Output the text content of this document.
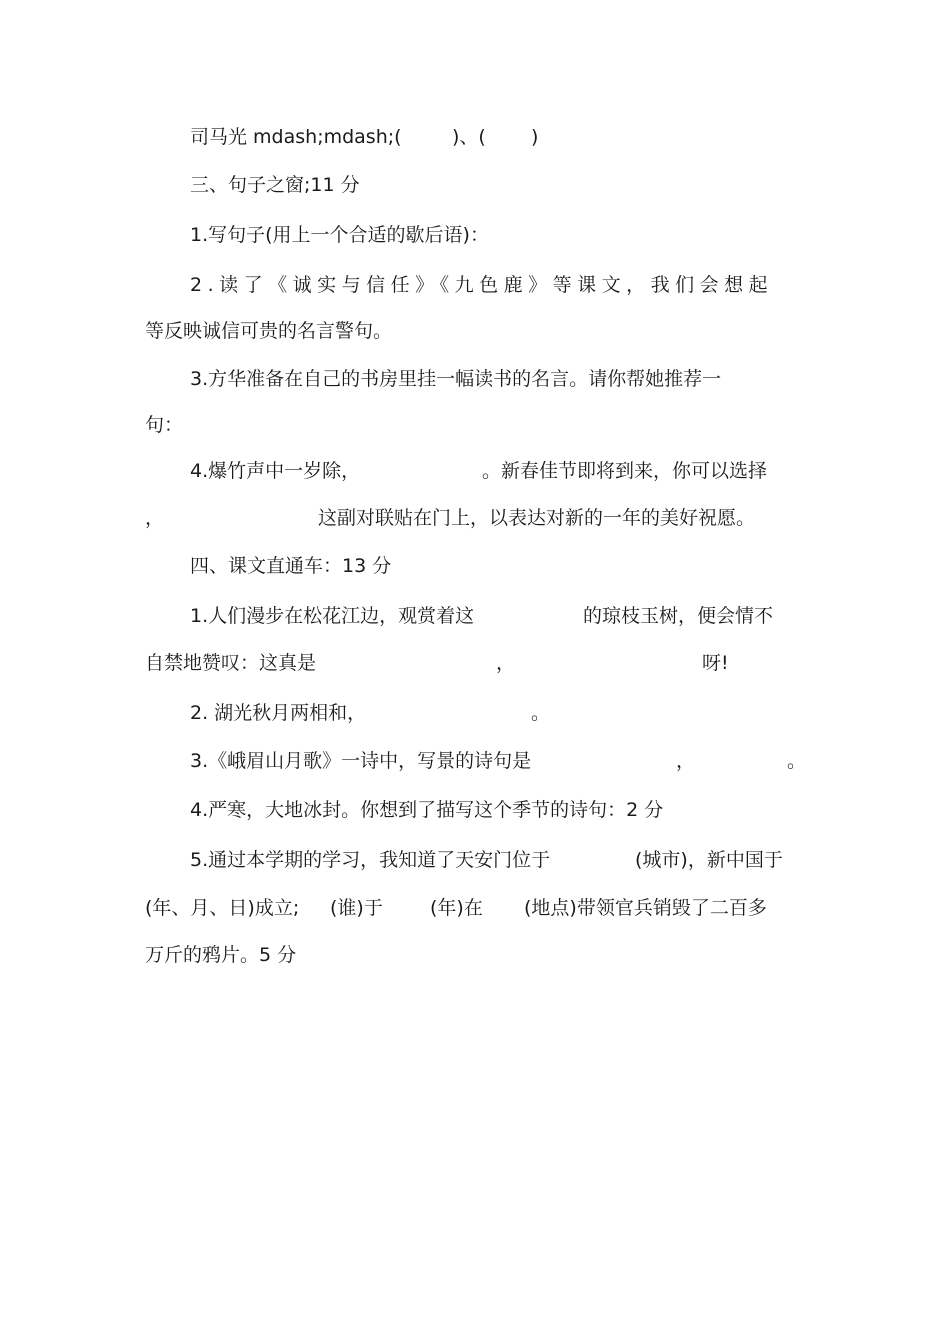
司马光 mdash;mdash;(	)、( )
三、句子之窗;11 分
1.写句子(用上一个合适的歇后语)：
2.读了《诚实与信任》《九色鹿》等课文，我们会想起
等反映诚信可贵的名言警句。
3.方华准备在自己的书房里挂一幅读书的名言。请你帮她推荐一
句：
4.爆竹声中一岁除，	。新春佳节即将到来，你可以选择
，	这副对联贴在门上，以表达对新的一年的美好祝愿。
四、课文直通车：13 分
1.人们漫步在松花江边，观赏着这	的琼枝玉树，便会情不
自禁地赞叹：这真是	，	呀!
2. 湖光秋月两相和，	。
3.《峨眉山月歌》一诗中，写景的诗句是	，	。
4.严寒，大地冰封。你想到了描写这个季节的诗句：2 分
5.通过本学期的学习，我知道了天安门位于	(城市)，新中国于
(年、月、日)成立; (谁)于 (年)在 (地点)带领官兵销毁了二百多
万斤的鸦片。5 分
